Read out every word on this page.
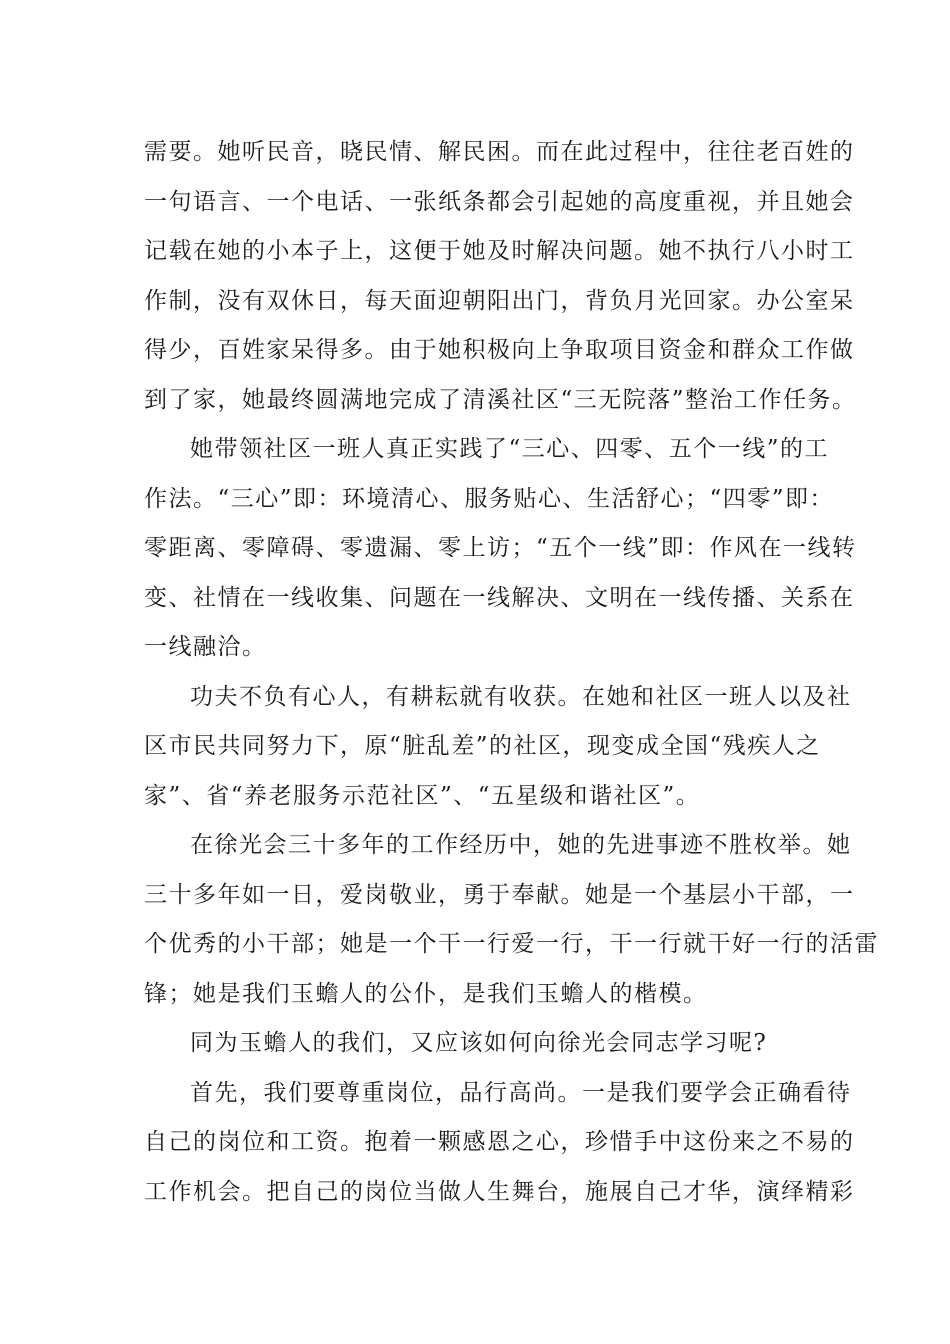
需要。她听民音，晓民情、解民困。而在此过程中，往往老百姓的
一句语言、一个电话、一张纸条都会引起她的高度重视，并且她会
记载在她的小本子上，这便于她及时解决问题。她不执行八小时工
作制，没有双休日，每天面迎朝阳出门，背负月光回家。办公室呆
得少，百姓家呆得多。由于她积极向上争取项目资金和群众工作做
到了家，她最终圆满地完成了清溪社区“三无院落”整治工作任务。
她带领社区一班人真正实践了“三心、四零、五个一线”的工
作法。“三心”即：环境清心、服务贴心、生活舒心；“四零”即：
零距离、零障碍、零遗漏、零上访；“五个一线”即：作风在一线转
变、社情在一线收集、问题在一线解决、文明在一线传播、关系在
一线融洽。
功夫不负有心人，有耕耘就有收获。在她和社区一班人以及社
区市民共同努力下，原“脏乱差”的社区，现变成全国“残疾人之
家”、省“养老服务示范社区”、“五星级和谐社区”。
在徐光会三十多年的工作经历中，她的先进事迹不胜枚举。她
三十多年如一日，爱岗敬业，勇于奉献。她是一个基层小干部，一
个优秀的小干部；她是一个干一行爱一行，干一行就干好一行的活雷
锋；她是我们玉蟾人的公仆，是我们玉蟾人的楷模。
同为玉蟾人的我们，又应该如何向徐光会同志学习呢?
首先，我们要尊重岗位，品行高尚。一是我们要学会正确看待
自己的岗位和工资。抱着一颗感恩之心，珍惜手中这份来之不易的
工作机会。把自己的岗位当做人生舞台，施展自己才华，演绎精彩
